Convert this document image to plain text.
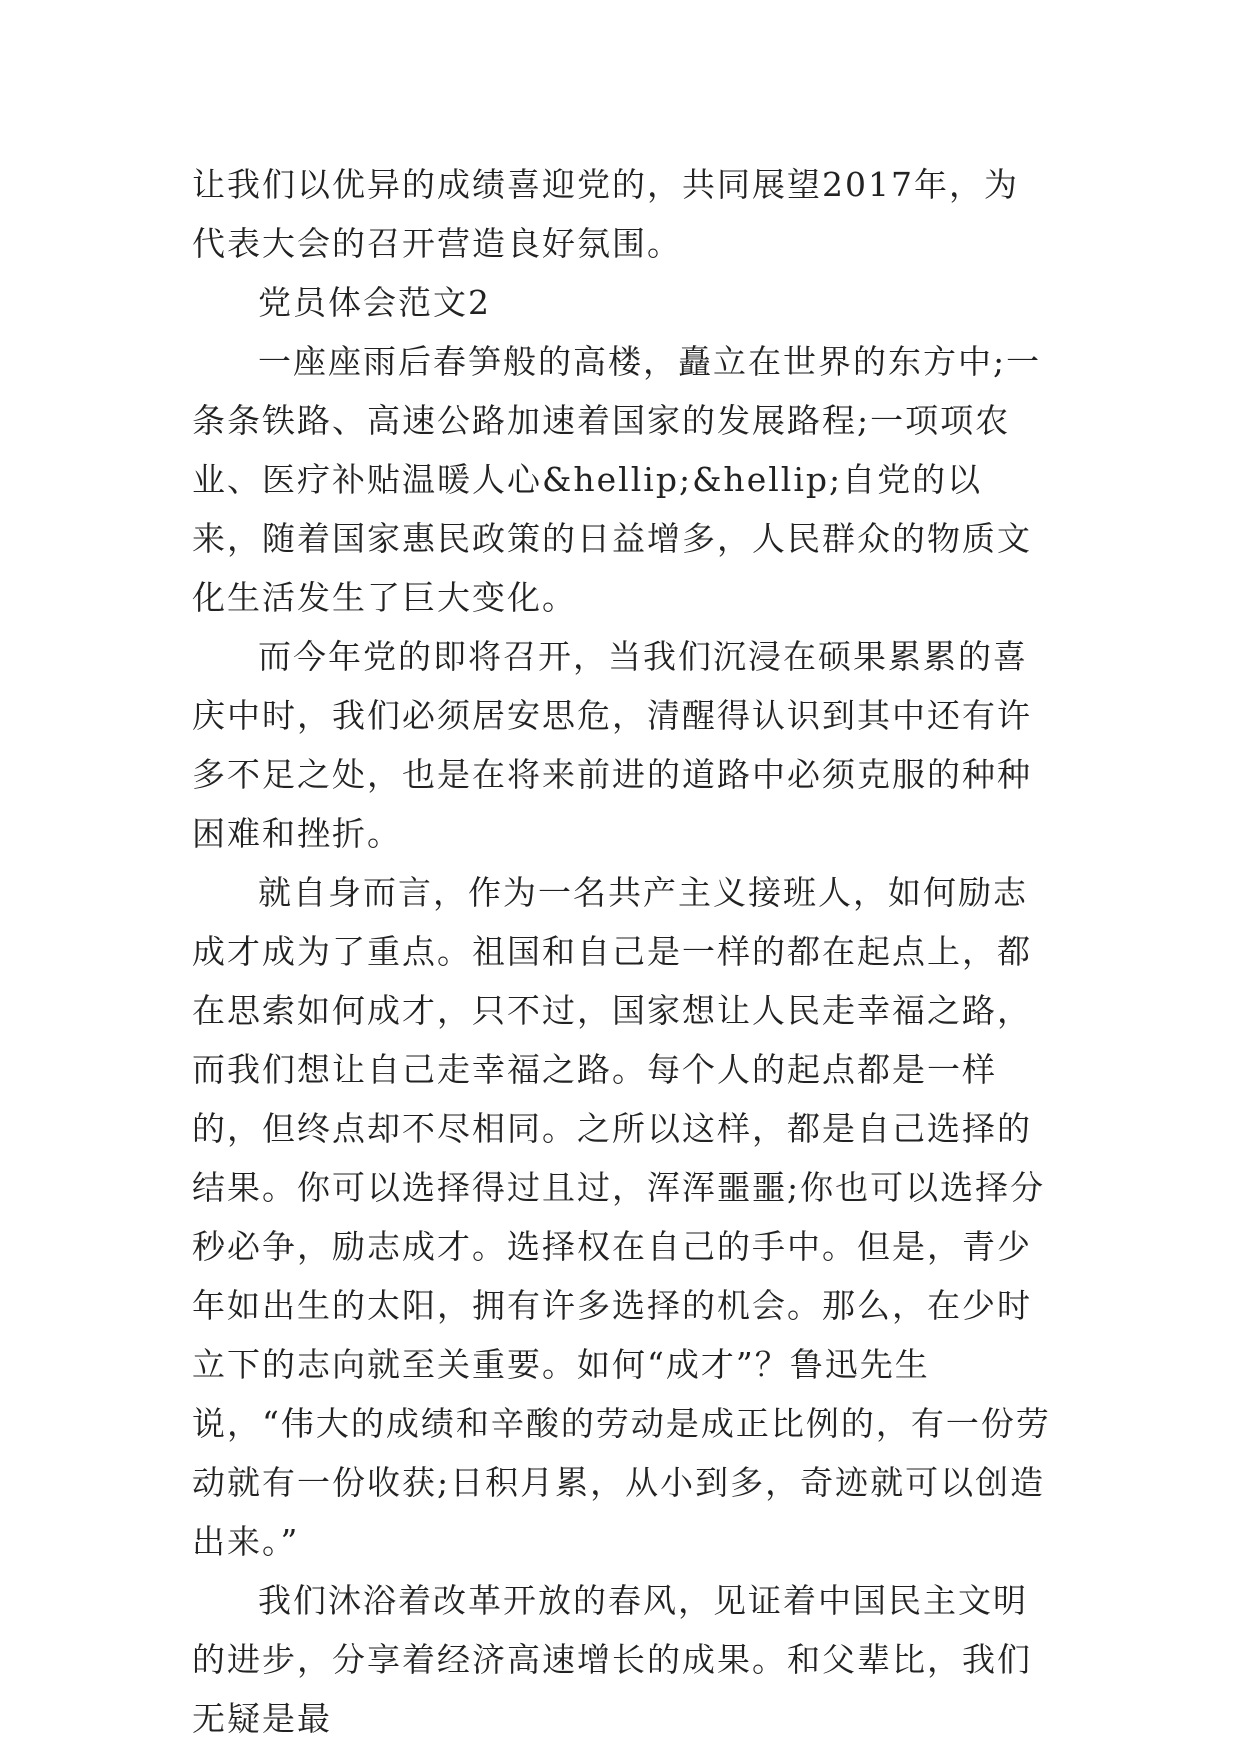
让我们以优异的成绩喜迎党的，共同展望2017年，为代表大会的召开营造良好氛围。

党员体会范文2

一座座雨后春笋般的高楼，矗立在世界的东方中;一条条铁路、高速公路加速着国家的发展路程;一项项农业、医疗补贴温暖人心&hellip;&hellip;自党的以来，随着国家惠民政策的日益增多，人民群众的物质文化生活发生了巨大变化。

而今年党的即将召开，当我们沉浸在硕果累累的喜庆中时，我们必须居安思危，清醒得认识到其中还有许多不足之处，也是在将来前进的道路中必须克服的种种困难和挫折。

就自身而言，作为一名共产主义接班人，如何励志成才成为了重点。祖国和自己是一样的都在起点上，都在思索如何成才，只不过，国家想让人民走幸福之路，而我们想让自己走幸福之路。每个人的起点都是一样的，但终点却不尽相同。之所以这样，都是自己选择的结果。你可以选择得过且过，浑浑噩噩;你也可以选择分秒必争，励志成才。选择权在自己的手中。但是，青少年如出生的太阳，拥有许多选择的机会。那么，在少时立下的志向就至关重要。如何“成才”？鲁迅先生说，“伟大的成绩和辛酸的劳动是成正比例的，有一份劳动就有一份收获;日积月累，从小到多，奇迹就可以创造出来。”

我们沐浴着改革开放的春风，见证着中国民主文明的进步，分享着经济高速增长的成果。和父辈比，我们无疑是最
